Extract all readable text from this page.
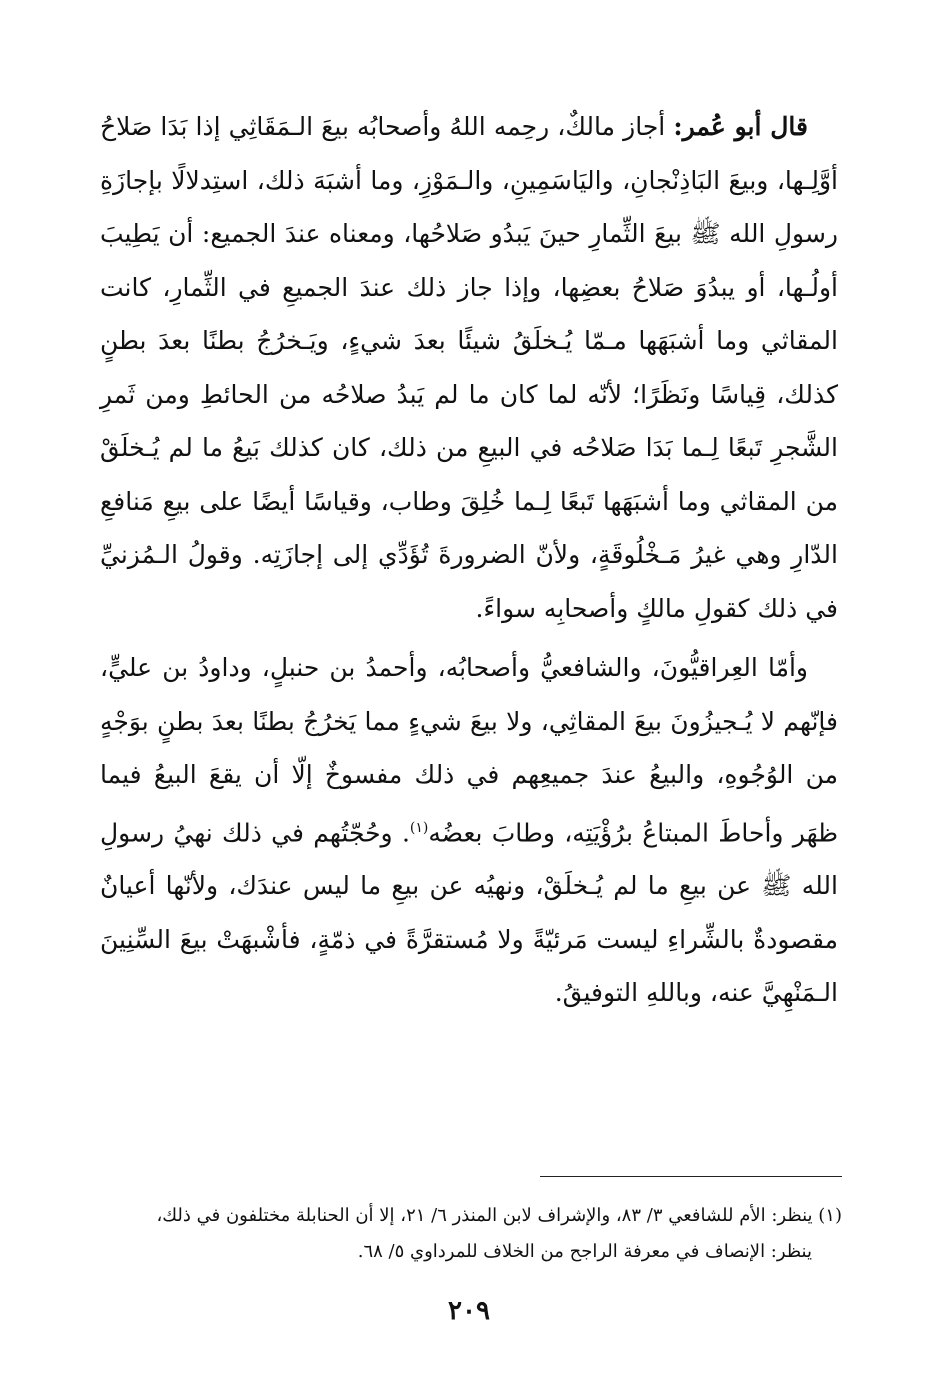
قال أبو عُمر: أجاز مالكٌ، رحِمه اللهُ وأصحابُه بيعَ الـمَقَاثِي إذا بَدَا صَلاحُ أوَّلِـها، وبيعَ البَاذِنْجانِ، واليَاسَمِينِ، والـمَوْزِ، وما أشبَهَ ذلك، استِدلالًا بإجازَةِ رسولِ الله ﷺ بيعَ الثِّمارِ حينَ يَبدُو صَلاحُها، ومعناه عندَ الجميع: أن يَطِيبَ أولُـها، أو يبدُوَ صَلاحُ بعضِها، وإذا جاز ذلك عندَ الجميعِ في الثِّمارِ، كانت المقاثي وما أشبَهَها مـمّا يُـخلَقُ شيئًا بعدَ شيءٍ، ويَـخرُجُ بطنًا بعدَ بطنٍ كذلك، قِياسًا ونَظَرًا؛ لأنّه لما كان ما لم يَبدُ صلاحُه من الحائطِ ومن ثَمرِ الشَّجرِ تَبعًا لِـما بَدَا صَلاحُه في البيعِ من ذلك، كان كذلك بَيعُ ما لم يُـخلَقْ من المقاثي وما أشبَهَها تَبعًا لِـما خُلِقَ وطاب، وقياسًا أيضًا على بيعِ مَنافعِ الدّارِ وهي غيرُ مَـخْلُوقَةٍ، ولأنّ الضرورةَ تُؤَدِّي إلى إجازَتِه. وقولُ الـمُزنيِّ في ذلك كقولِ مالكٍ وأصحابِه سواءً.

وأمّا العِراقيُّونَ، والشافعيُّ وأصحابُه، وأحمدُ بن حنبلٍ، وداودُ بن عليٍّ، فإنّهم لا يُـجيزُونَ بيعَ المقاثِي، ولا بيعَ شيءٍ مما يَخرُجُ بطنًا بعدَ بطنٍ بوَجْهٍ من الوُجُوهِ، والبيعُ عندَ جميعِهم في ذلك مفسوخٌ إلّا أن يقعَ البيعُ فيما ظهَر وأحاطَ المبتاعُ برُؤْيَتِه، وطابَ بعضُه$^{(١)}$. وحُجّتُهم في ذلك نهيُ رسولِ الله ﷺ عن بيعِ ما لم يُـخلَقْ، ونهيُه عن بيعِ ما ليس عندَك، ولأنّها أعيانٌ مقصودةٌ بالشِّراءِ ليست مَرئيّةً ولا مُستقرَّةً في ذمّةٍ، فأشْبهَتْ بيعَ السِّنِينَ الـمَنْهِيَّ عنه، وباللهِ التوفيقُ.

(١) ينظر: الأم للشافعي ٣/ ٨٣، والإشراف لابن المنذر ٦/ ٢١، إلا أن الحنابلة مختلفون في ذلك،

ينظر: الإنصاف في معرفة الراجح من الخلاف للمرداوي ٥/ ٦٨.

٢٠٩
